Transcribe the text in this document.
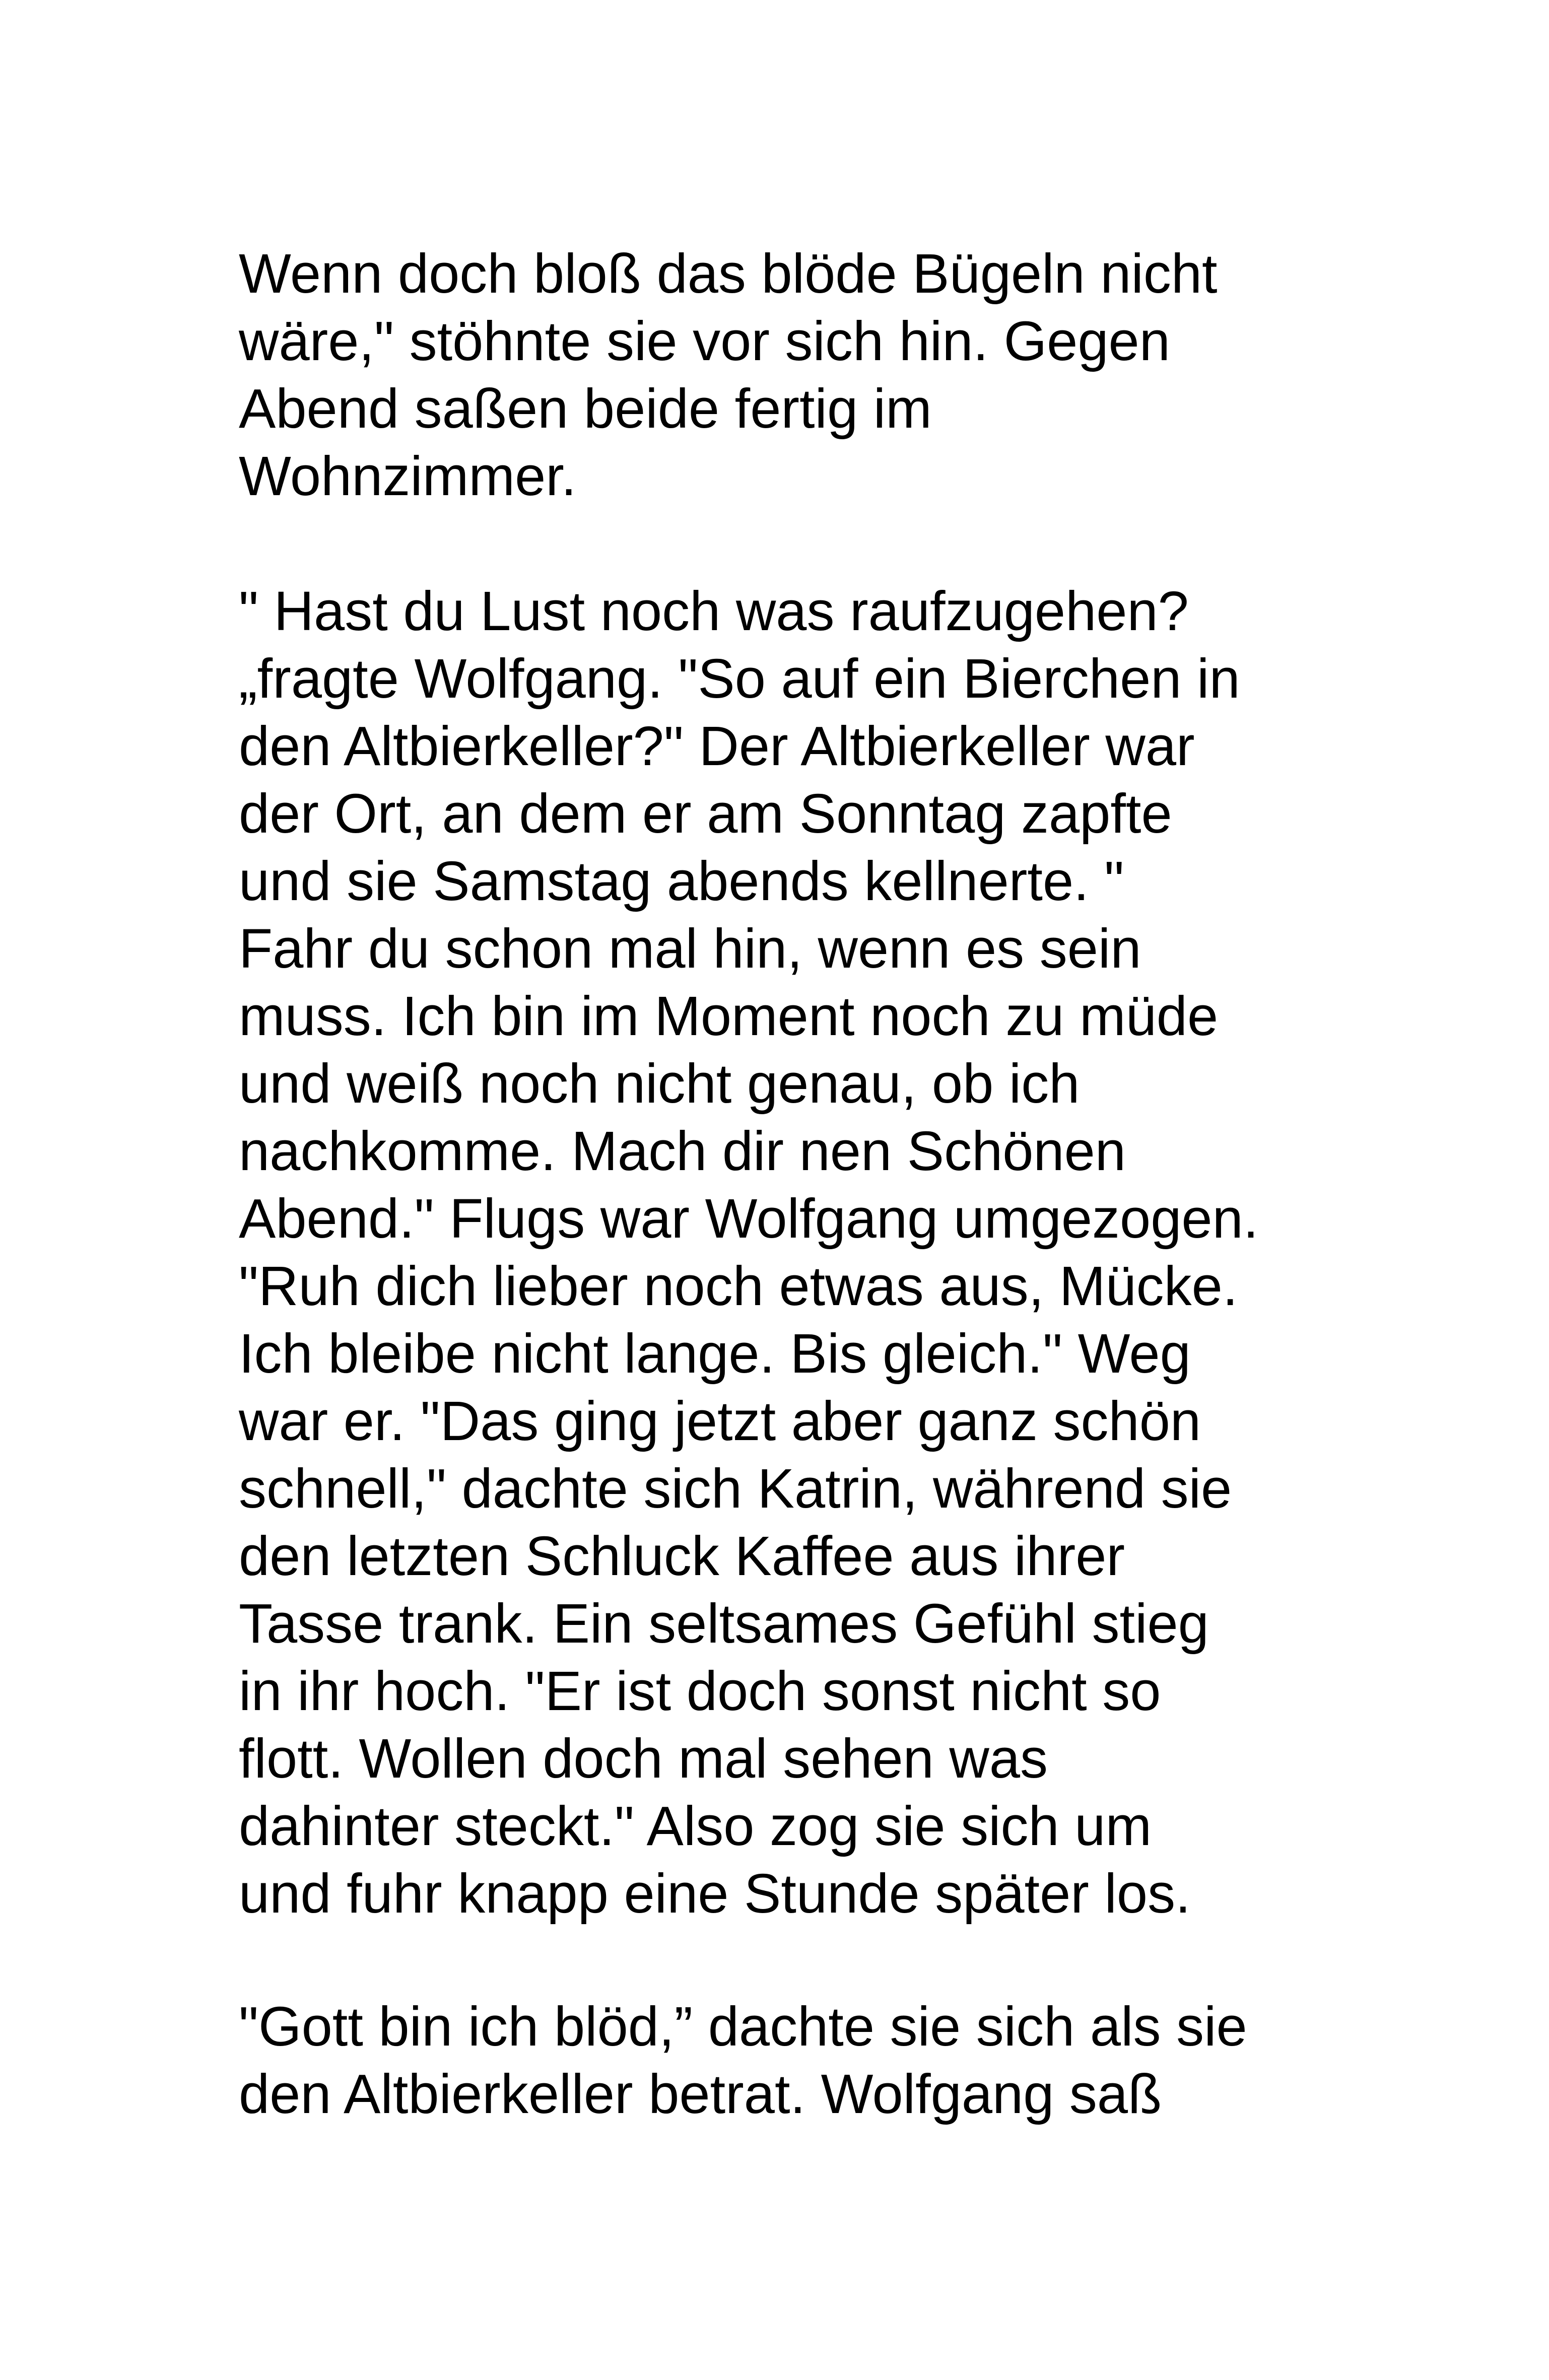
Wenn doch bloß das blöde Bügeln nicht
wäre," stöhnte sie vor sich hin. Gegen
Abend saßen beide fertig im
Wohnzimmer.
" Hast du Lust noch was raufzugehen?
„fragte Wolfgang. "So auf ein Bierchen in
den Altbierkeller?" Der Altbierkeller war
der Ort, an dem er am Sonntag zapfte
und sie Samstag abends kellnerte. "
Fahr du schon mal hin, wenn es sein
muss. Ich bin im Moment noch zu müde
und weiß noch nicht genau, ob ich
nachkomme. Mach dir nen Schönen
Abend." Flugs war Wolfgang umgezogen.
"Ruh dich lieber noch etwas aus, Mücke.
Ich bleibe nicht lange. Bis gleich." Weg
war er. "Das ging jetzt aber ganz schön
schnell," dachte sich Katrin, während sie
den letzten Schluck Kaffee aus ihrer
Tasse trank. Ein seltsames Gefühl stieg
in ihr hoch. "Er ist doch sonst nicht so
flott. Wollen doch mal sehen was
dahinter steckt." Also zog sie sich um
und fuhr knapp eine Stunde später los.
"Gott bin ich blöd,” dachte sie sich als sie
den Altbierkeller betrat. Wolfgang saß
